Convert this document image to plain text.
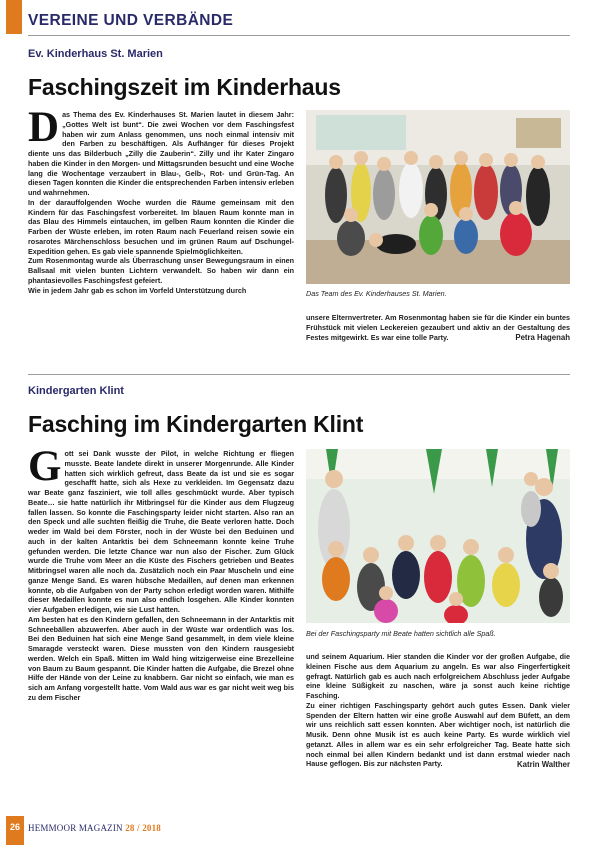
VEREINE UND VERBÄNDE
Ev. Kinderhaus St. Marien
Faschingszeit im Kinderhaus

Das Thema des Ev. Kinderhauses St. Marien lautet in diesem Jahr: „Gottes Welt ist bunt“. Die zwei Wochen vor dem Faschingsfest haben wir zum Anlass genommen, uns noch einmal intensiv mit den Farben zu beschäftigen. Als Aufhänger für dieses Projekt diente uns das Bilderbuch „Zilly die Zauberin“. Zilly und ihr Kater Zingaro haben die Kinder in den Morgen- und Mittagsrunden besucht und eine Woche lang die Wochentage verzaubert in Blau-, Gelb-, Rot- und Grün-Tag. An diesen Tagen konnten die Kinder die entsprechenden Farben intensiv erleben und wahrnehmen.

In der darauffolgenden Woche wurden die Räume gemeinsam mit den Kindern für das Faschingsfest vorbereitet. Im blauen Raum konnte man in das Blau des Himmels eintauchen, im gelben Raum konnten die Kinder die Farben der Wüste erleben, im roten Raum nach Feuerland reisen sowie ein rosarotes Märchenschloss besuchen und im grünen Raum auf Dschungel-Expedition gehen. Es gab viele spannende Spielmöglichkeiten.

Zum Rosenmontag wurde als Überraschung unser Bewegungsraum in einen Ballsaal mit vielen bunten Lichtern verwandelt. So haben wir dann ein phantasievolles Faschingsfest gefeiert.

Wie in jedem Jahr gab es schon im Vorfeld Unterstützung durch	Das Team des Ev. Kinderhauses St. Marien.

unsere Elternvertreter. Am Rosenmontag haben sie für die Kinder ein buntes Frühstück mit vielen Leckereien gezaubert und aktiv an der Gestaltung des Festes mitgewirkt. Es war eine tolle Party.	Petra Hagenah
Kindergarten Klint
Fasching im Kindergarten Klint

Gott sei Dank wusste der Pilot, in welche Richtung er fliegen musste. Beate landete direkt in unserer Morgenrunde. Alle Kinder hatten sich wirklich gefreut, dass Beate da ist und sie es sogar geschafft hatte, sich als Hexe zu verkleiden. Im Gegensatz dazu war Beate ganz fasziniert, wie toll alles geschmückt wurde. Aber typisch Beate… sie hatte natürlich ihr Mitbringsel für die Kinder aus dem Flugzeug fallen lassen. So konnte die Faschingsparty leider nicht starten. Also ran an den Speck und alle suchten fleißig die Truhe, die Beate verloren hatte. Doch weder im Wald bei dem Förster, noch in der Wüste bei den Beduinen und auch in der kalten Antarktis bei dem Schneemann konnte keine Truhe gefunden werden. Die letzte Chance war nun also der Fischer. Zum Glück wurde die Truhe vom Meer an die Küste des Fischers getrieben und Beates Mitbringsel waren alle noch da. Zusätzlich noch ein Paar Muscheln und eine ganze Menge Sand. Es waren hübsche Medaillen, auf denen man erkennen konnte, ob die Aufgaben von der Party schon erledigt worden waren. Mithilfe dieser Medaillen konnte es nun also endlich losgehen. Alle Kinder konnten vier Aufgaben erledigen, wie sie Lust hatten.

Am besten hat es den Kindern gefallen, den Schneemann in der Antarktis mit Schneebällen abzuwerfen. Aber auch in der Wüste war ordentlich was los. Bei den Beduinen hat sich eine Menge Sand gesammelt, in dem viele kleine Smaragde versteckt waren. Diese mussten von den Kindern rausgesiebt werden. Welch ein Spaß. Mitten im Wald hing witzigerweise eine Brezelleine von Baum zu Baum gespannt. Die Kinder hatten die Aufgabe, die Brezel ohne Hilfe der Hände von der Leine zu knabbern. Gar nicht so einfach, wie man es sich am Anfang vorgestellt hatte. Vom Wald aus war es gar nicht weit weg bis zu dem Fischer

Bei der Faschingsparty mit Beate hatten sichtlich alle Spaß.

und seinem Aquarium. Hier standen die Kinder vor der großen Aufgabe, die kleinen Fische aus dem Aquarium zu angeln. Es war also Fingerfertigkeit gefragt. Natürlich gab es auch nach erfolgreichem Abschluss jeder Aufgabe eine kleine Süßigkeit zu naschen, wäre ja sonst auch keine richtige Fasching.

Zu einer richtigen Faschingsparty gehört auch gutes Essen. Dank vieler Spenden der Eltern hatten wir eine große Auswahl auf dem Büfett, an dem wir uns reichlich satt essen konnten. Aber wichtiger noch, ist natürlich die Musik. Denn ohne Musik ist es auch keine Party. Es wurde wirklich viel getanzt. Alles in allem war es ein sehr erfolgreicher Tag. Beate hatte sich noch einmal bei allen Kindern bedankt und ist dann erstmal wieder nach Hause geflogen. Bis zur nächsten Party.	Katrin Walther
26 HEMMOOR MAGAZIN 28 / 2018
